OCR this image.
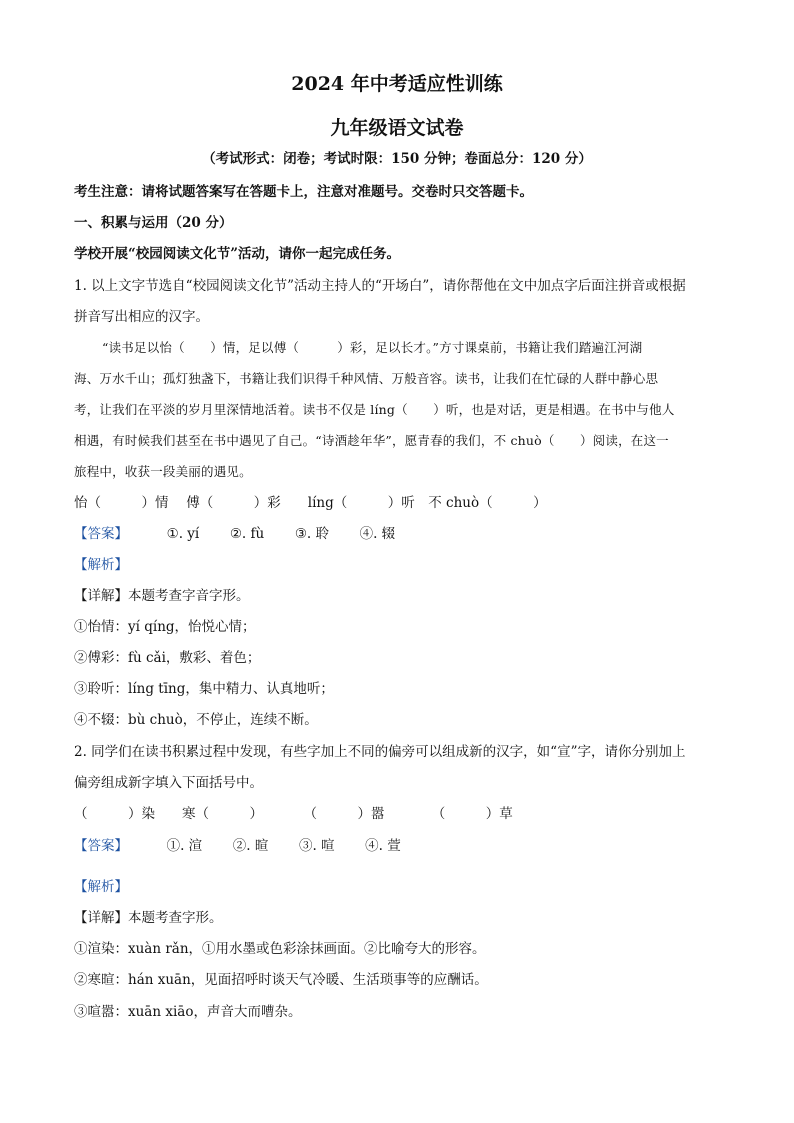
2024 年中考适应性训练
九年级语文试卷
（考试形式：闭卷；考试时限：150 分钟；卷面总分：120 分）
考生注意：请将试题答案写在答题卡上，注意对准题号。交卷时只交答题卡。
一、积累与运用（20 分）
学校开展“校园阅读文化节”活动，请你一起完成任务。
1. 以上文字节选自“校园阅读文化节”活动主持人的“开场白”，请你帮他在文中加点字后面注拼音或根据
拼音写出相应的汉字。
“读书足以怡（　　）情，足以傅（　　　）彩，足以长才。”方寸课桌前，书籍让我们踏遍江河湖
海、万水千山；孤灯独盏下，书籍让我们识得千种风情、万般音容。读书，让我们在忙碌的人群中静心思
考，让我们在平淡的岁月里深情地活着。读书不仅是 líng（　　）听，也是对话，更是相遇。在书中与他人
相遇，有时候我们甚至在书中遇见了自己。“诗酒趁年华”，愿青春的我们，不 chuò（　　）阅读，在这一
旅程中，收获一段美丽的遇见。
怡（　　　）情　 傅（　　　）彩　　líng（　　　）听　不 chuò（　　　）
【答案】	①. yí ②. fù ③. 聆 ④. 辍
【解析】
【详解】本题考查字音字形。
①怡情：yí qíng，怡悦心情；
②傅彩：fù cǎi，敷彩、着色；
③聆听：líng tīng，集中精力、认真地听；
④不辍：bù chuò，不停止，连续不断。
2. 同学们在读书积累过程中发现，有些字加上不同的偏旁可以组成新的汉字，如“宣”字，请你分别加上
偏旁组成新字填入下面括号中。
（　　　）染　　寒（　　　）　　　　（　　　）嚣　　　　（　　　）草
【答案】	①. 渲 ②. 暄 ③. 喧 ④. 萱
【解析】
【详解】本题考查字形。
①渲染：xuàn rǎn，①用水墨或色彩涂抹画面。②比喻夸大的形容。
②寒暄：hán xuān，见面招呼时谈天气冷暖、生活琐事等的应酬话。
③喧嚣：xuān xiāo，声音大而嘈杂。
